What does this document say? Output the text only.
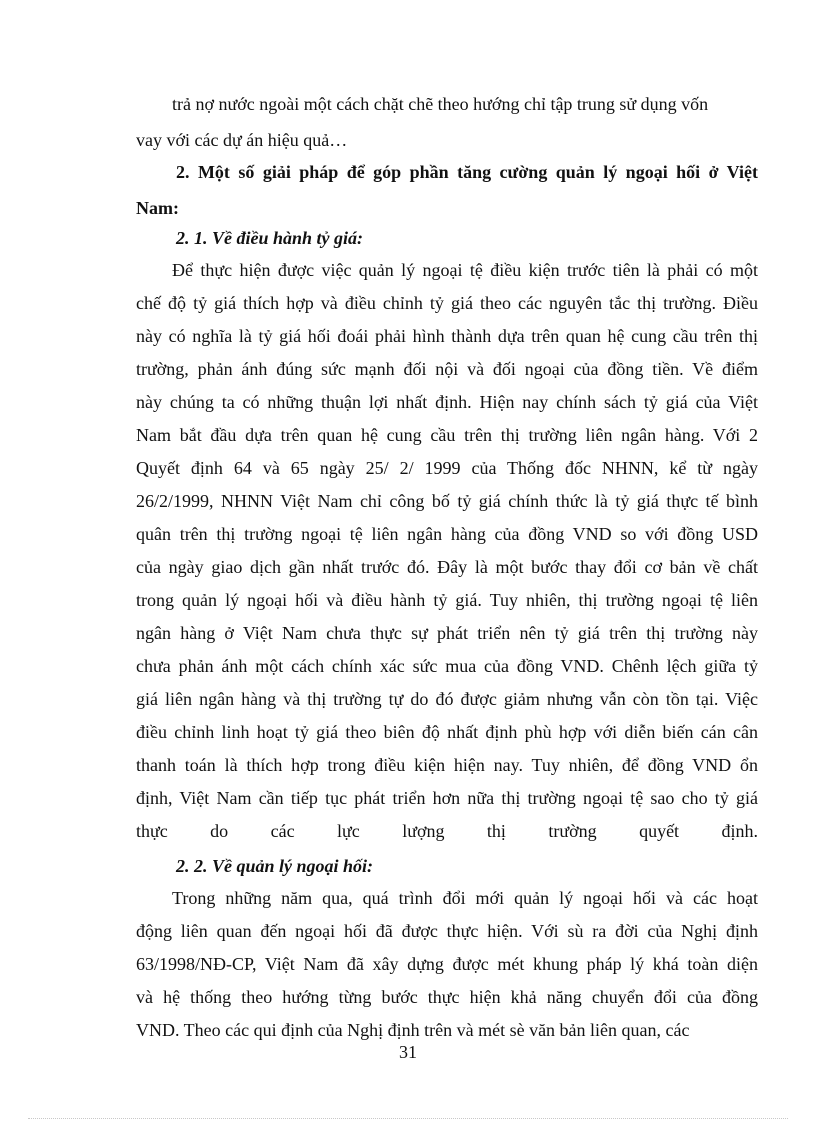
trả nợ nước ngoài một cách chặt chẽ theo hướng chỉ tập trung sử dụng vốn
vay với các dự án hiệu quả…
2. Một số giải pháp để góp phần tăng cường quản lý ngoại hối ở Việt
Nam:
2. 1. Về điều hành tỷ giá:
Để thực hiện được việc quản lý ngoại tệ điều kiện trước tiên là phải có một
chế độ tỷ giá thích hợp và điều chỉnh tỷ giá theo các nguyên tắc thị trường. Điều
này có nghĩa là tỷ giá hối đoái phải hình thành dựa trên quan hệ cung cầu trên thị
trường, phản ánh đúng sức mạnh đối nội và đối ngoại của đồng tiền. Về điểm
này chúng ta có những thuận lợi nhất định. Hiện nay chính sách tỷ giá của Việt
Nam bắt đầu dựa trên quan hệ cung cầu trên thị trường liên ngân hàng. Với 2
Quyết định 64 và 65 ngày 25/ 2/ 1999 của Thống đốc NHNN, kể từ ngày
26/2/1999, NHNN Việt Nam chỉ công bố tỷ giá chính thức là tỷ giá thực tế bình
quân trên thị trường ngoại tệ liên ngân hàng của đồng VND so với đồng USD
của ngày giao dịch gần nhất trước đó. Đây là một bước thay đổi cơ bản về chất
trong quản lý ngoại hối và điều hành tỷ giá. Tuy nhiên, thị trường ngoại tệ liên
ngân hàng ở Việt Nam chưa thực sự phát triển nên tỷ giá trên thị trường này
chưa phản ánh một cách chính xác sức mua của đồng VND. Chênh lệch giữa tỷ
giá liên ngân hàng và thị trường tự do đó được giảm nhưng vẫn còn tồn tại. Việc
điều chỉnh linh hoạt tỷ giá theo biên độ nhất định phù hợp với diễn biến cán cân
thanh toán là thích hợp trong điều kiện hiện nay. Tuy nhiên, để đồng VND ổn
định, Việt Nam cần tiếp tục phát triển hơn nữa thị trường ngoại tệ sao cho tỷ giá
thực do các lực lượng thị trường quyết định.
2. 2. Về quản lý ngoại hối:
Trong những năm qua, quá trình đổi mới quản lý ngoại hối và các hoạt
động liên quan đến ngoại hối đã được thực hiện. Với sù ra đời của Nghị định
63/1998/NĐ-CP, Việt Nam đã xây dựng được mét khung pháp lý khá toàn diện
và hệ thống theo hướng từng bước thực hiện khả năng chuyển đổi của đồng
VND. Theo các qui định của Nghị định trên và mét sè văn bản liên quan, các
31
